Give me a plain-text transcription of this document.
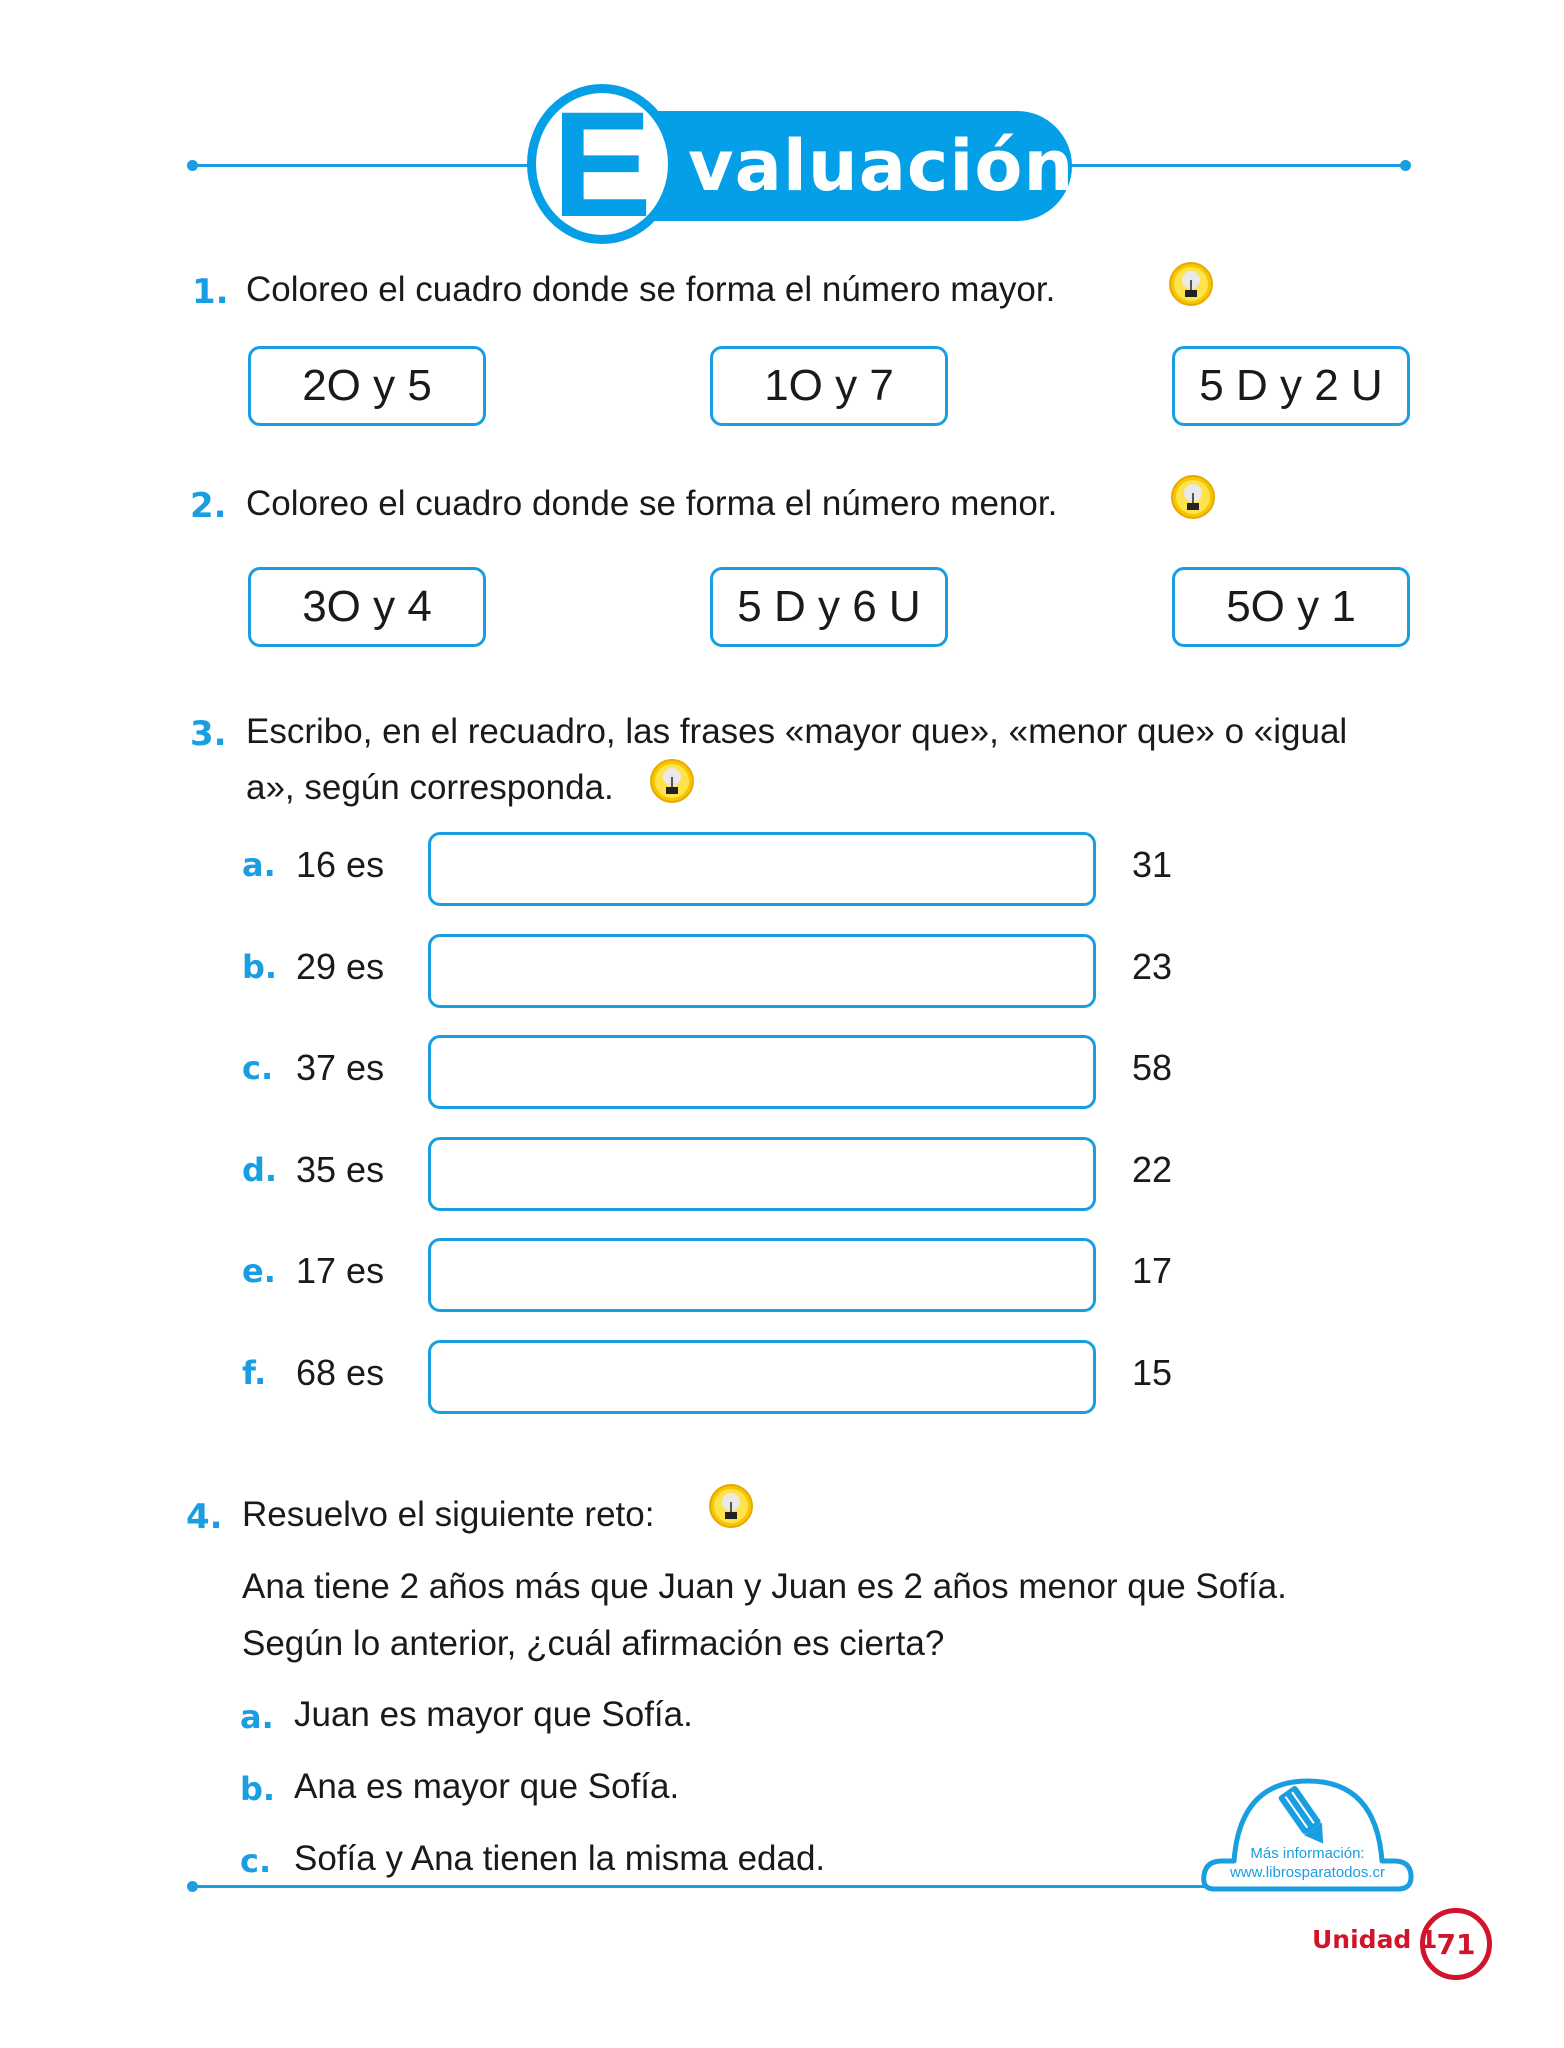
valuación
E
1. Coloreo el cuadro donde se forma el número mayor.
2O y 5	1O y 7	5 D y 2 U
2. Coloreo el cuadro donde se forma el número menor.
3O y 4	5 D y 6 U	5O y 1
3. Escribo, en el recuadro, las frases «mayor que», «menor que» o «igual
a», según corresponda.
a. 16 es	31
b. 29 es	23
c. 37 es	58
d. 35 es	22
e. 17 es	17
f. 68 es	15
4. Resuelvo el siguiente reto:
Ana tiene 2 años más que Juan y Juan es 2 años menor que Sofía.
Según lo anterior, ¿cuál afirmación es cierta?
a. Juan es mayor que Sofía.
b. Ana es mayor que Sofía.
c. Sofía y Ana tienen la misma edad.	Más información:
www.librosparatodos.cr
Unidad 1 71
